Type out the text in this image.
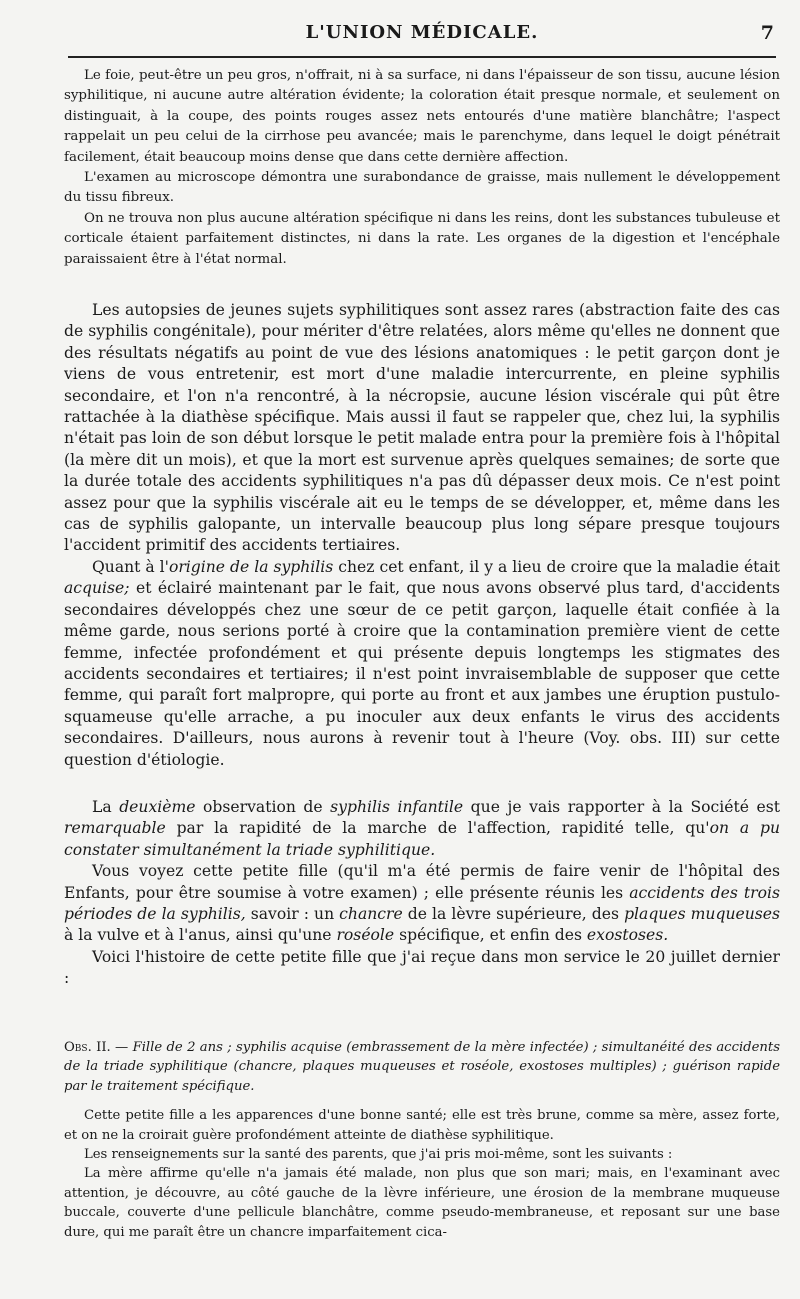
L'UNION MÉDICALE.	7

Le foie, peut-être un peu gros, n'offrait, ni à sa surface, ni dans l'épaisseur de son tissu, aucune lésion syphilitique, ni aucune autre altération évidente; la coloration était presque normale, et seulement on distinguait, à la coupe, des points rouges assez nets entourés d'une matière blanchâtre; l'aspect rappelait un peu celui de la cirrhose peu avancée; mais le parenchyme, dans lequel le doigt pénétrait facilement, était beaucoup moins dense que dans cette dernière affection.

L'examen au microscope démontra une surabondance de graisse, mais nullement le développement du tissu fibreux.

On ne trouva non plus aucune altération spécifique ni dans les reins, dont les substances tubuleuse et corticale étaient parfaitement distinctes, ni dans la rate. Les organes de la digestion et l'encéphale paraissaient être à l'état normal.

Les autopsies de jeunes sujets syphilitiques sont assez rares (abstraction faite des cas de syphilis congénitale), pour mériter d'être relatées, alors même qu'elles ne donnent que des résultats négatifs au point de vue des lésions anatomiques : le petit garçon dont je viens de vous entretenir, est mort d'une maladie intercurrente, en pleine syphilis secondaire, et l'on n'a rencontré, à la nécropsie, aucune lésion viscérale qui pût être rattachée à la diathèse spécifique. Mais aussi il faut se rappeler que, chez lui, la syphilis n'était pas loin de son début lorsque le petit malade entra pour la première fois à l'hôpital (la mère dit un mois), et que la mort est survenue après quelques semaines; de sorte que la durée totale des accidents syphilitiques n'a pas dû dépasser deux mois. Ce n'est point assez pour que la syphilis viscérale ait eu le temps de se développer, et, même dans les cas de syphilis galopante, un intervalle beaucoup plus long sépare presque toujours l'accident primitif des accidents tertiaires.

Quant à l'origine de la syphilis chez cet enfant, il y a lieu de croire que la maladie était acquise; et éclairé maintenant par le fait, que nous avons observé plus tard, d'accidents secondaires développés chez une sœur de ce petit garçon, laquelle était confiée à la même garde, nous serions porté à croire que la contamination première vient de cette femme, infectée profondément et qui présente depuis longtemps les stigmates des accidents secondaires et tertiaires; il n'est point invraisemblable de supposer que cette femme, qui paraît fort malpropre, qui porte au front et aux jambes une éruption pustulo-squameuse qu'elle arrache, a pu inoculer aux deux enfants le virus des accidents secondaires. D'ailleurs, nous aurons à revenir tout à l'heure (Voy. obs. III) sur cette question d'étiologie.

La deuxième observation de syphilis infantile que je vais rapporter à la Société est remarquable par la rapidité de la marche de l'affection, rapidité telle, qu'on a pu constater simultanément la triade syphilitique.

Vous voyez cette petite fille (qu'il m'a été permis de faire venir de l'hôpital des Enfants, pour être soumise à votre examen) ; elle présente réunis les accidents des trois périodes de la syphilis, savoir : un chancre de la lèvre supérieure, des plaques muqueuses à la vulve et à l'anus, ainsi qu'une roséole spécifique, et enfin des exostoses.

Voici l'histoire de cette petite fille que j'ai reçue dans mon service le 20 juillet dernier :

Obs. II. — Fille de 2 ans ; syphilis acquise (embrassement de la mère infectée) ; simultanéité des accidents de la triade syphilitique (chancre, plaques muqueuses et roséole, exostoses multiples) ; guérison rapide par le traitement spécifique.

Cette petite fille a les apparences d'une bonne santé; elle est très brune, comme sa mère, assez forte, et on ne la croirait guère profondément atteinte de diathèse syphilitique.

Les renseignements sur la santé des parents, que j'ai pris moi-même, sont les suivants :

La mère affirme qu'elle n'a jamais été malade, non plus que son mari; mais, en l'examinant avec attention, je découvre, au côté gauche de la lèvre inférieure, une érosion de la membrane muqueuse buccale, couverte d'une pellicule blanchâtre, comme pseudo-membraneuse, et reposant sur une base dure, qui me paraît être un chancre imparfaitement cica-
